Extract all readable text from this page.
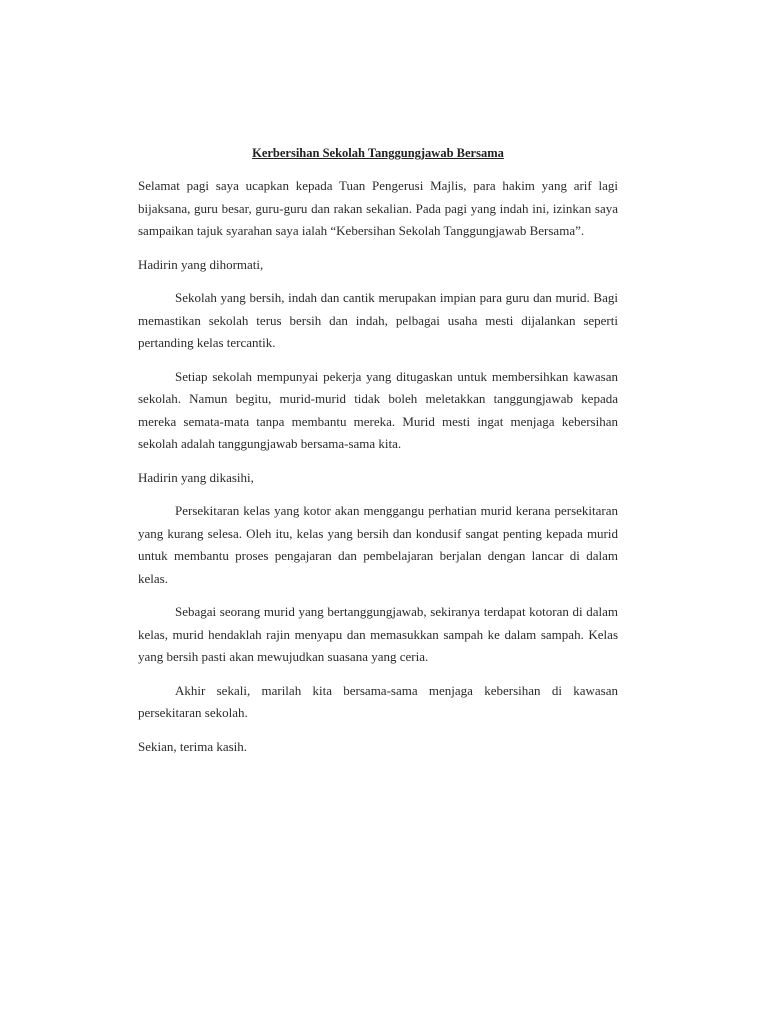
Kerbersihan Sekolah Tanggungjawab Bersama

Selamat pagi saya ucapkan kepada Tuan Pengerusi Majlis, para hakim yang arif lagi bijaksana, guru besar, guru-guru dan rakan sekalian. Pada pagi yang indah ini, izinkan saya sampaikan tajuk syarahan saya ialah “Kebersihan Sekolah Tanggungjawab Bersama”.

Hadirin yang dihormati,

Sekolah yang bersih, indah dan cantik merupakan impian para guru dan murid. Bagi memastikan sekolah terus bersih dan indah, pelbagai usaha mesti dijalankan seperti pertanding kelas tercantik.

Setiap sekolah mempunyai pekerja yang ditugaskan untuk membersihkan kawasan sekolah. Namun begitu, murid-murid tidak boleh meletakkan tanggungjawab kepada mereka semata-mata tanpa membantu mereka. Murid mesti ingat menjaga kebersihan sekolah adalah tanggungjawab bersama-sama kita.

Hadirin yang dikasihi,

Persekitaran kelas yang kotor akan menggangu perhatian murid kerana persekitaran yang kurang selesa. Oleh itu, kelas yang bersih dan kondusif sangat penting kepada murid untuk membantu proses pengajaran dan pembelajaran berjalan dengan lancar di dalam kelas.

Sebagai seorang murid yang bertanggungjawab, sekiranya terdapat kotoran di dalam kelas, murid hendaklah rajin menyapu dan memasukkan sampah ke dalam sampah. Kelas yang bersih pasti akan mewujudkan suasana yang ceria.

Akhir sekali, marilah kita bersama-sama menjaga kebersihan di kawasan persekitaran sekolah.

Sekian, terima kasih.
